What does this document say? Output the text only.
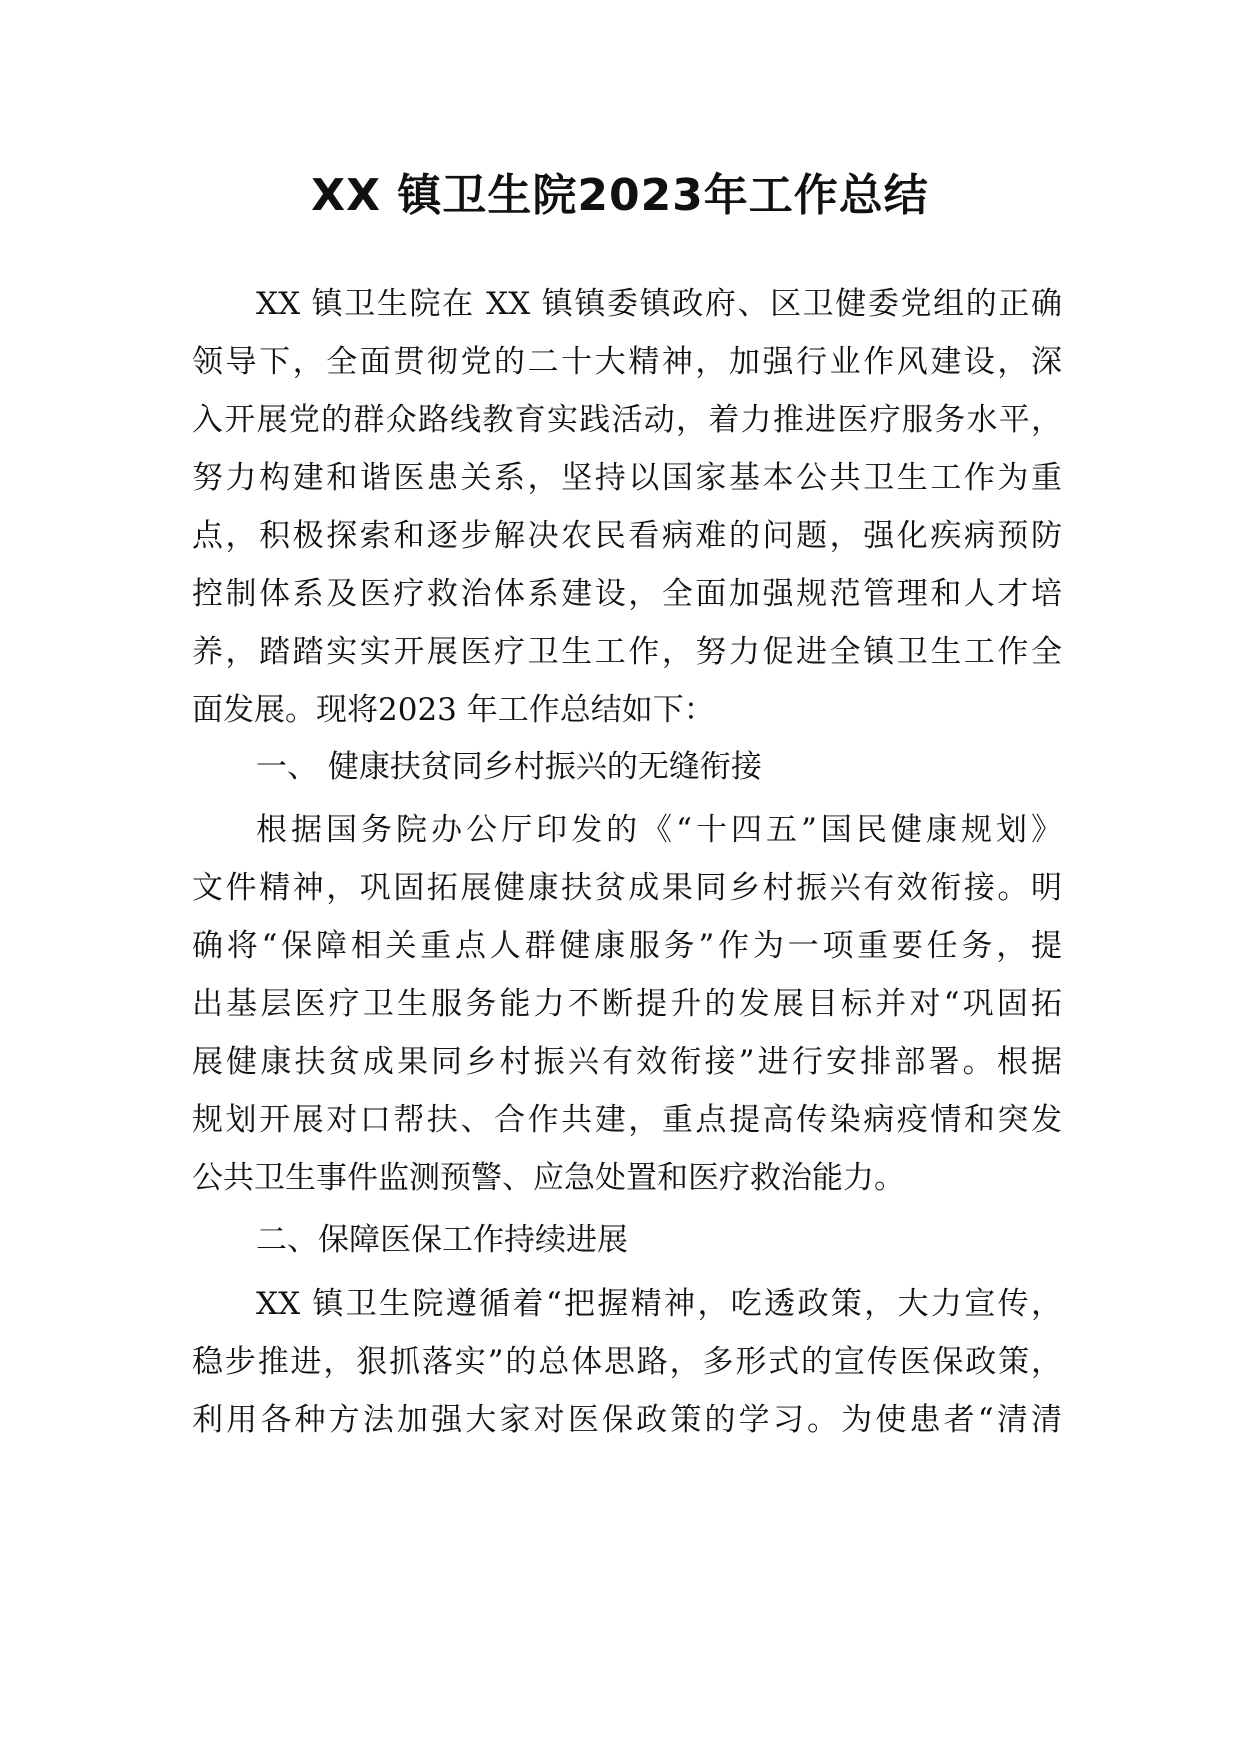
XX 镇卫生院2023年工作总结

XX 镇卫生院在 XX 镇镇委镇政府、区卫健委党组的正确

领导下，全面贯彻党的二十大精神，加强行业作风建设，深

入开展党的群众路线教育实践活动，着力推进医疗服务水平，

努力构建和谐医患关系，坚持以国家基本公共卫生工作为重

点，积极探索和逐步解决农民看病难的问题，强化疾病预防

控制体系及医疗救治体系建设，全面加强规范管理和人才培

养，踏踏实实开展医疗卫生工作，努力促进全镇卫生工作全

面发展。现将2023 年工作总结如下：

一、 健康扶贫同乡村振兴的无缝衔接

根据国务院办公厅印发的《“十四五”国民健康规划》

文件精神，巩固拓展健康扶贫成果同乡村振兴有效衔接。明

确将“保障相关重点人群健康服务”作为一项重要任务，提

出基层医疗卫生服务能力不断提升的发展目标并对“巩固拓

展健康扶贫成果同乡村振兴有效衔接”进行安排部署。根据

规划开展对口帮扶、合作共建，重点提高传染病疫情和突发

公共卫生事件监测预警、应急处置和医疗救治能力。

二、保障医保工作持续进展

XX 镇卫生院遵循着“把握精神，吃透政策，大力宣传，

稳步推进，狠抓落实”的总体思路，多形式的宣传医保政策，

利用各种方法加强大家对医保政策的学习。为使患者“清清
